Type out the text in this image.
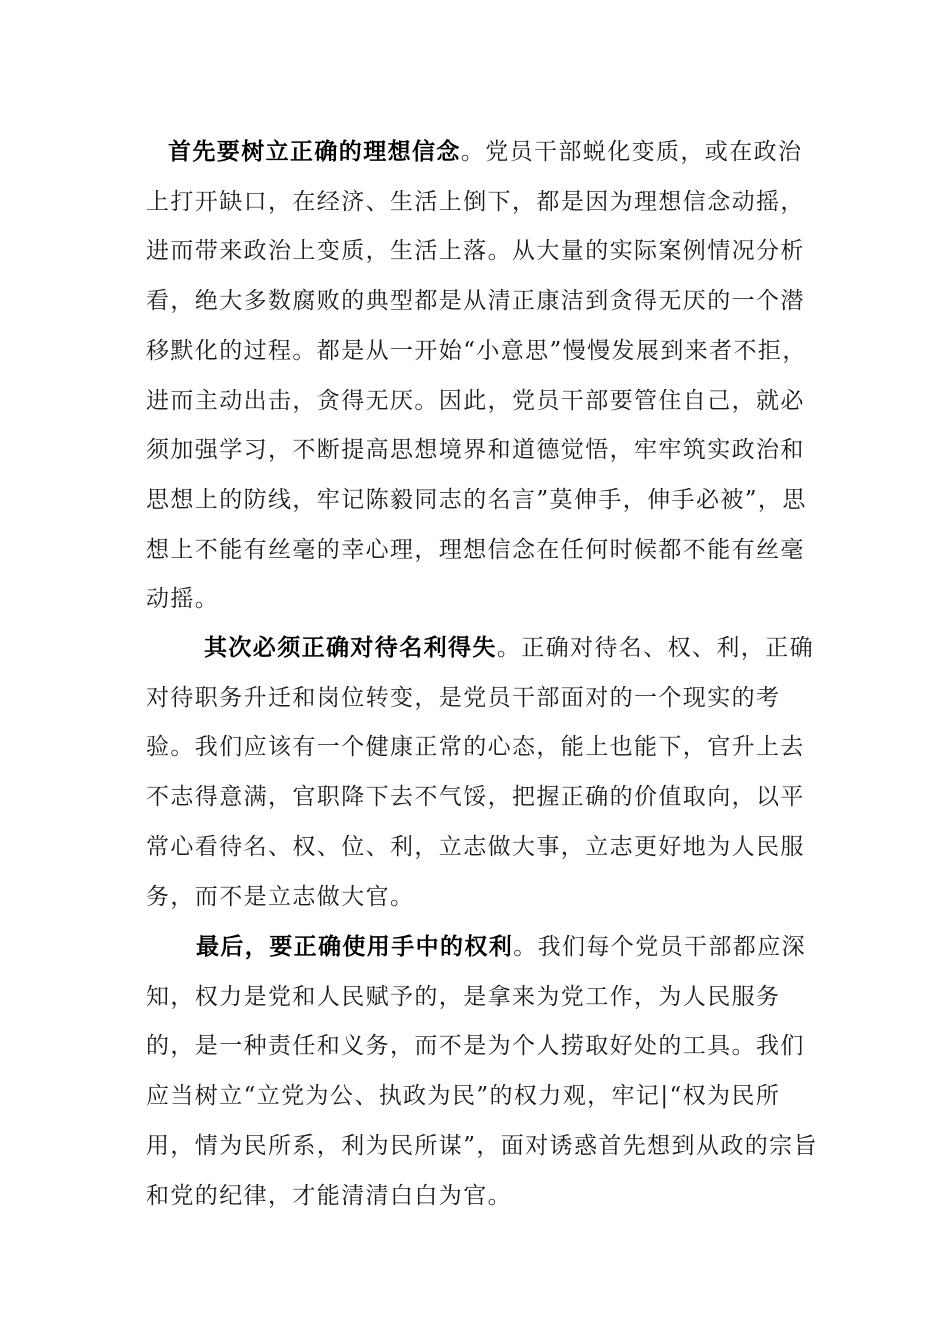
首先要树立正确的理想信念。党员干部蜕化变质，或在政治上打开缺口，在经济、生活上倒下，都是因为理想信念动摇，进而带来政治上变质，生活上落。从大量的实际案例情况分析看，绝大多数腐败的典型都是从清正康洁到贪得无厌的一个潜移默化的过程。都是从一开始“小意思”慢慢发展到来者不拒，进而主动出击，贪得无厌。因此，党员干部要管住自己，就必须加强学习，不断提高思想境界和道德觉悟，牢牢筑实政治和思想上的防线，牢记陈毅同志的名言”莫伸手，伸手必被”，思想上不能有丝毫的幸心理，理想信念在任何时候都不能有丝毫动摇。

其次必须正确对待名利得失。正确对待名、权、利，正确对待职务升迁和岗位转变，是党员干部面对的一个现实的考验。我们应该有一个健康正常的心态，能上也能下，官升上去不志得意满，官职降下去不气馁，把握正确的价值取向，以平常心看待名、权、位、利，立志做大事，立志更好地为人民服务，而不是立志做大官。

最后，要正确使用手中的权利。我们每个党员干部都应深知，权力是党和人民赋予的，是拿来为党工作，为人民服务的，是一种责任和义务，而不是为个人捞取好处的工具。我们应当树立“立党为公、执政为民”的权力观，牢记|“权为民所用，情为民所系，利为民所谋”，面对诱惑首先想到从政的宗旨和党的纪律，才能清清白白为官。
